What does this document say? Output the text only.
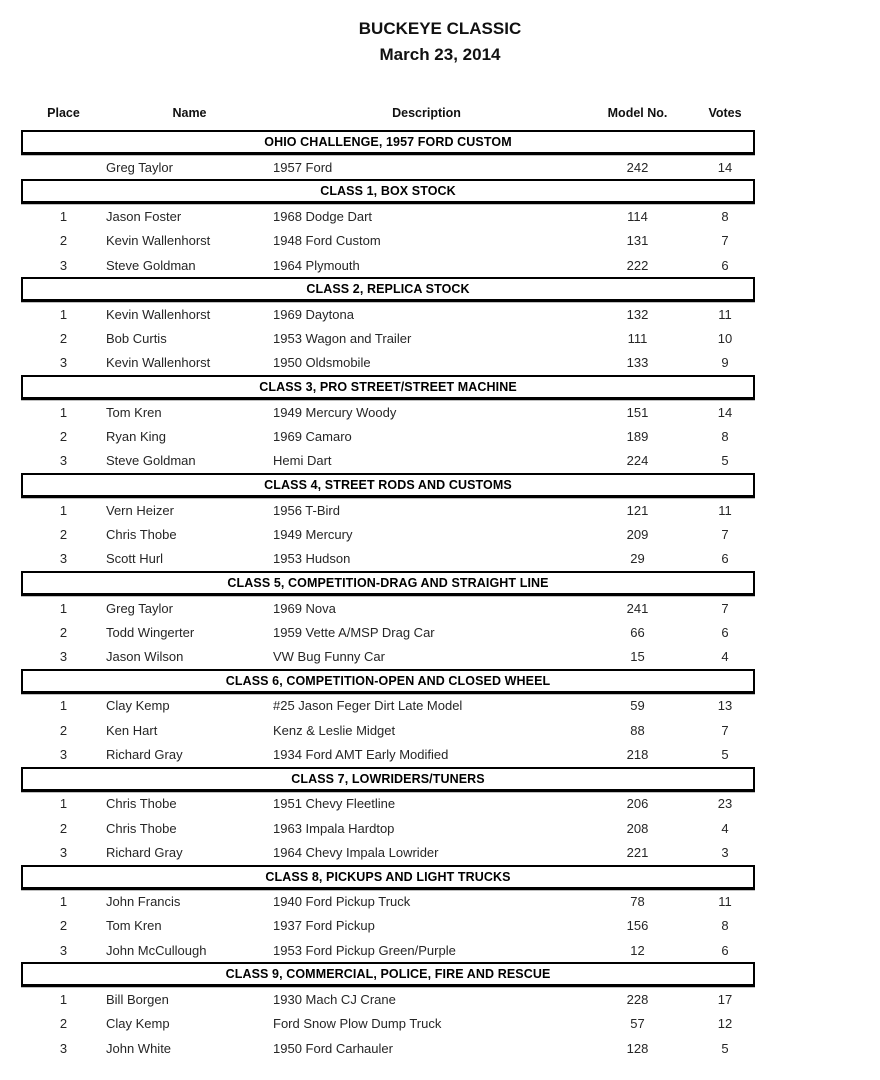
BUCKEYE CLASSIC
March 23, 2014
Place	Name	Description	Model No.	Votes
OHIO CHALLENGE, 1957 FORD CUSTOM
Greg Taylor	1957 Ford	242	14
CLASS 1, BOX STOCK
1	Jason Foster	1968 Dodge Dart	114	8
2	Kevin Wallenhorst	1948 Ford Custom	131	7
3	Steve Goldman	1964 Plymouth	222	6
CLASS 2, REPLICA STOCK
1	Kevin Wallenhorst	1969 Daytona	132	11
2	Bob Curtis	1953 Wagon and Trailer	111	10
3	Kevin Wallenhorst	1950 Oldsmobile	133	9
CLASS 3, PRO STREET/STREET MACHINE
1	Tom Kren	1949 Mercury Woody	151	14
2	Ryan King	1969 Camaro	189	8
3	Steve Goldman	Hemi Dart	224	5
CLASS 4, STREET RODS AND CUSTOMS
1	Vern Heizer	1956 T-Bird	121	11
2	Chris Thobe	1949 Mercury	209	7
3	Scott Hurl	1953 Hudson	29	6
CLASS 5, COMPETITION-DRAG AND STRAIGHT LINE
1	Greg Taylor	1969 Nova	241	7
2	Todd Wingerter	1959 Vette A/MSP Drag Car	66	6
3	Jason Wilson	VW Bug Funny Car	15	4
CLASS 6, COMPETITION-OPEN AND CLOSED WHEEL
1	Clay Kemp	#25 Jason Feger Dirt Late Model	59	13
2	Ken Hart	Kenz & Leslie Midget	88	7
3	Richard Gray	1934 Ford AMT Early Modified	218	5
CLASS 7, LOWRIDERS/TUNERS
1	Chris Thobe	1951 Chevy Fleetline	206	23
2	Chris Thobe	1963 Impala Hardtop	208	4
3	Richard Gray	1964 Chevy Impala Lowrider	221	3
CLASS 8, PICKUPS AND LIGHT TRUCKS
1	John Francis	1940 Ford Pickup Truck	78	11
2	Tom Kren	1937 Ford Pickup	156	8
3	John McCullough	1953 Ford Pickup Green/Purple	12	6
CLASS 9, COMMERCIAL, POLICE, FIRE AND RESCUE
1	Bill Borgen	1930 Mach CJ Crane	228	17
2	Clay Kemp	Ford Snow Plow Dump Truck	57	12
3	John White	1950 Ford Carhauler	128	5
